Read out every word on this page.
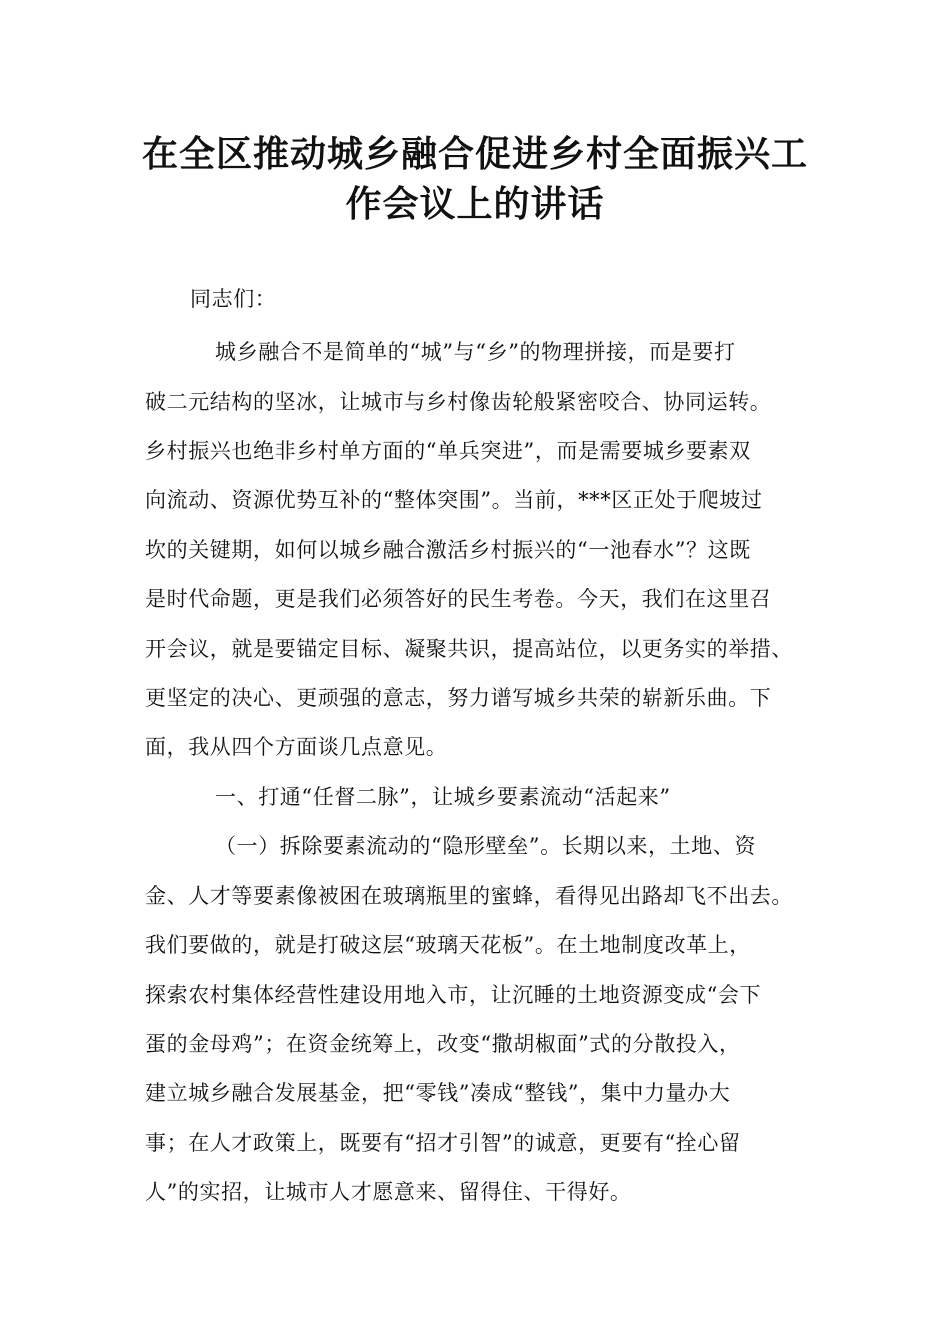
在全区推动城乡融合促进乡村全面振兴工
作会议上的讲话
同志们：
城乡融合不是简单的“城”与“乡”的物理拼接，而是要打
破二元结构的坚冰，让城市与乡村像齿轮般紧密咬合、协同运转。
乡村振兴也绝非乡村单方面的“单兵突进”，而是需要城乡要素双
向流动、资源优势互补的“整体突围”。当前，***区正处于爬坡过
坎的关键期，如何以城乡融合激活乡村振兴的“一池春水”？这既
是时代命题，更是我们必须答好的民生考卷。今天，我们在这里召
开会议，就是要锚定目标、凝聚共识，提高站位，以更务实的举措、
更坚定的决心、更顽强的意志，努力谱写城乡共荣的崭新乐曲。下
面，我从四个方面谈几点意见。
一、打通“任督二脉”，让城乡要素流动“活起来”
（一）拆除要素流动的“隐形壁垒”。长期以来，土地、资
金、人才等要素像被困在玻璃瓶里的蜜蜂，看得见出路却飞不出去。
我们要做的，就是打破这层“玻璃天花板”。在土地制度改革上，
探索农村集体经营性建设用地入市，让沉睡的土地资源变成“会下
蛋的金母鸡”；在资金统筹上，改变“撒胡椒面”式的分散投入，
建立城乡融合发展基金，把“零钱”凑成“整钱”，集中力量办大
事；在人才政策上，既要有“招才引智”的诚意，更要有“拴心留
人”的实招，让城市人才愿意来、留得住、干得好。
